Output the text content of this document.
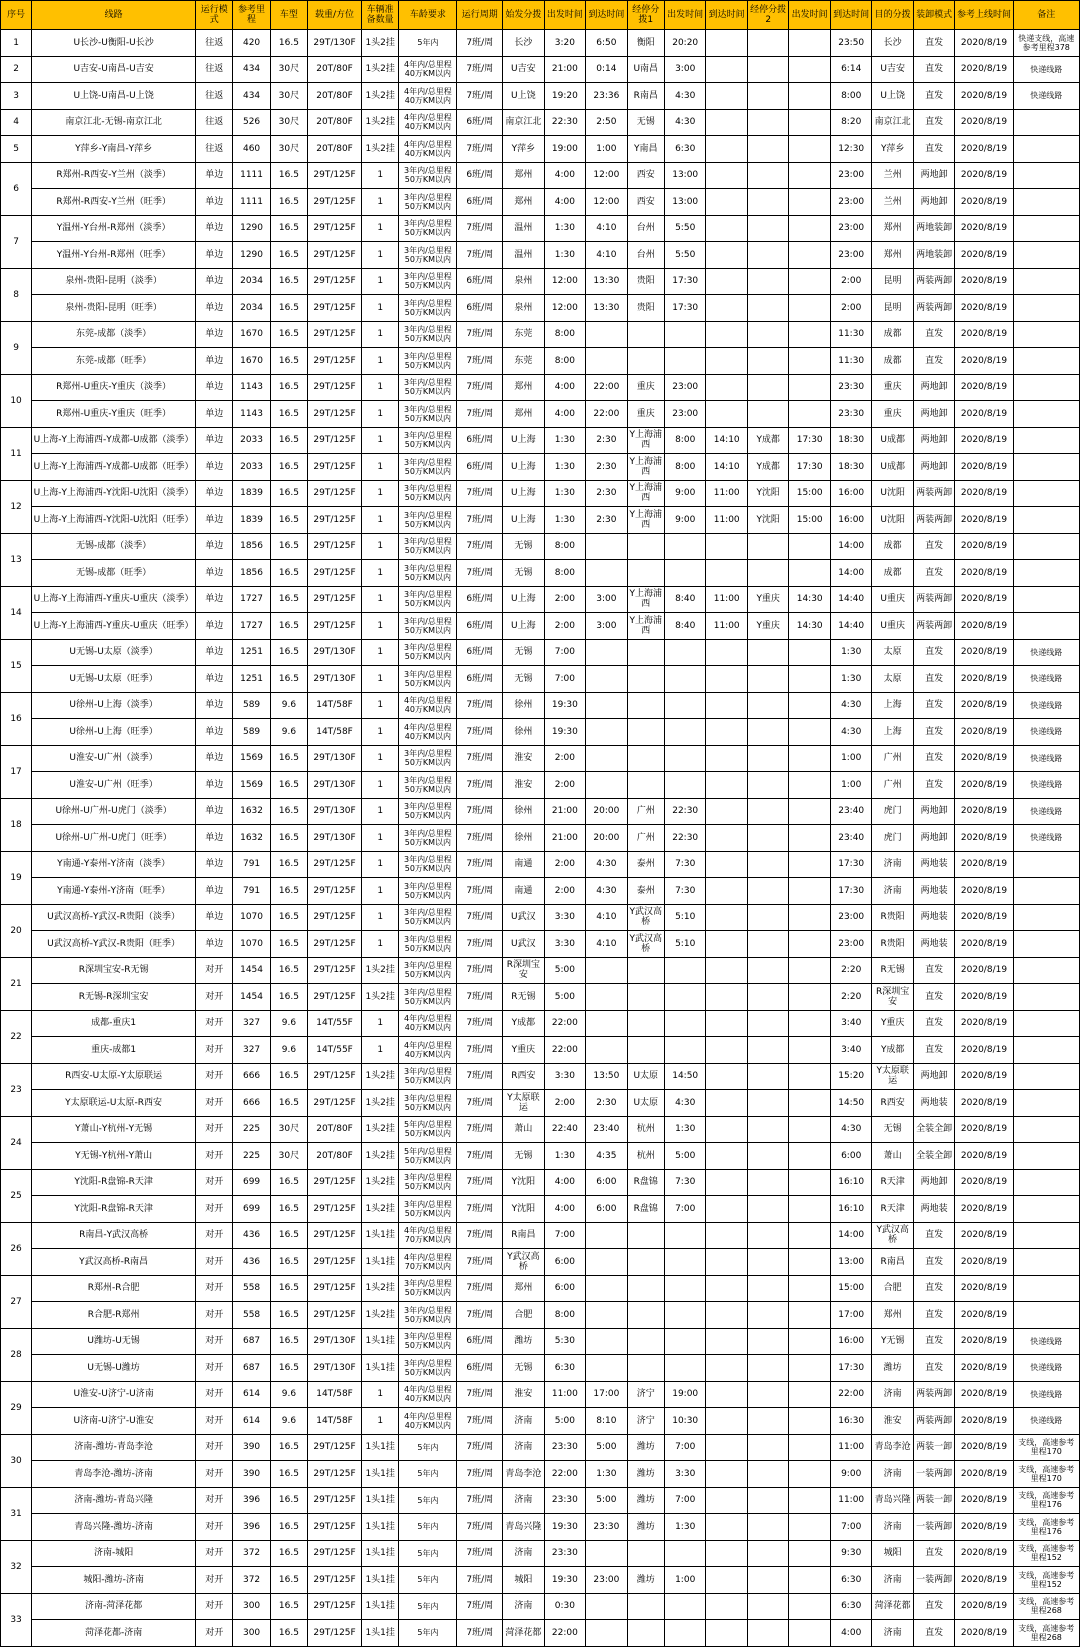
序号	线路	运行模式	参考里程	车型	载重/方位	车辆准备数量	车龄要求	运行周期	始发分拨	出发时间	到达时间	经停分拨1	出发时间	到达时间	经停分拨2	出发时间	到达时间	目的分拨	装卸模式	参考上线时间	备注
1	U长沙-U衡阳-U长沙	往返	420	16.5	29T/130F	1头2挂	5年内	7班/周	长沙	3:20	6:50	衡阳	20:20				23:50	长沙	直发	2020/8/19	快递支线，高速参考里程378
2	U吉安-U南昌-U吉安	往返	434	30尺	20T/80F	1头2挂	4年内/总里程40万KM以内	7班/周	U吉安	21:00	0:14	U南昌	3:00				6:14	U吉安	直发	2020/8/19	快递线路
3	U上饶-U南昌-U上饶	往返	434	30尺	20T/80F	1头2挂	4年内/总里程40万KM以内	7班/周	U上饶	19:20	23:36	R南昌	4:30				8:00	U上饶	直发	2020/8/19	快递线路
4	南京江北-无锡-南京江北	往返	526	30尺	20T/80F	1头2挂	4年内/总里程40万KM以内	6班/周	南京江北	22:30	2:50	无锡	4:30				8:20	南京江北	直发	2020/8/19	
5	Y萍乡-Y南昌-Y萍乡	往返	460	30尺	20T/80F	1头2挂	4年内/总里程40万KM以内	7班/周	Y萍乡	19:00	1:00	Y南昌	6:30				12:30	Y萍乡	直发	2020/8/19	
6	R郑州-R西安-Y兰州（淡季）	单边	1111	16.5	29T/125F	1	3年内/总里程50万KM以内	6班/周	郑州	4:00	12:00	西安	13:00				23:00	兰州	两地卸	2020/8/19	
	R郑州-R西安-Y兰州（旺季）	单边	1111	16.5	29T/125F	1	3年内/总里程50万KM以内	6班/周	郑州	4:00	12:00	西安	13:00				23:00	兰州	两地卸	2020/8/19	
7	Y温州-Y台州-R郑州（淡季）	单边	1290	16.5	29T/125F	1	3年内/总里程50万KM以内	7班/周	温州	1:30	4:10	台州	5:50				23:00	郑州	两地装卸	2020/8/19	
	Y温州-Y台州-R郑州（旺季）	单边	1290	16.5	29T/125F	1	3年内/总里程50万KM以内	7班/周	温州	1:30	4:10	台州	5:50				23:00	郑州	两地装卸	2020/8/19	
8	泉州-贵阳-昆明（淡季）	单边	2034	16.5	29T/125F	1	3年内/总里程50万KM以内	6班/周	泉州	12:00	13:30	贵阳	17:30				2:00	昆明	两装两卸	2020/8/19	
	泉州-贵阳-昆明（旺季）	单边	2034	16.5	29T/125F	1	3年内/总里程50万KM以内	6班/周	泉州	12:00	13:30	贵阳	17:30				2:00	昆明	两装两卸	2020/8/19	
9	东莞-成都（淡季）	单边	1670	16.5	29T/125F	1	3年内/总里程50万KM以内	7班/周	东莞	8:00							11:30	成都	直发	2020/8/19	
	东莞-成都（旺季）	单边	1670	16.5	29T/125F	1	3年内/总里程50万KM以内	7班/周	东莞	8:00							11:30	成都	直发	2020/8/19	
10	R郑州-U重庆-Y重庆（淡季）	单边	1143	16.5	29T/125F	1	3年内/总里程50万KM以内	7班/周	郑州	4:00	22:00	重庆	23:00				23:30	重庆	两地卸	2020/8/19	
	R郑州-U重庆-Y重庆（旺季）	单边	1143	16.5	29T/125F	1	3年内/总里程50万KM以内	7班/周	郑州	4:00	22:00	重庆	23:00				23:30	重庆	两地卸	2020/8/19	
11	U上海-Y上海浦西-Y成都-U成都（淡季）	单边	2033	16.5	29T/125F	1	3年内/总里程50万KM以内	6班/周	U上海	1:30	2:30	Y上海浦西	8:00	14:10	Y成都	17:30	18:30	U成都	两地卸	2020/8/19	
	U上海-Y上海浦西-Y成都-U成都（旺季）	单边	2033	16.5	29T/125F	1	3年内/总里程50万KM以内	6班/周	U上海	1:30	2:30	Y上海浦西	8:00	14:10	Y成都	17:30	18:30	U成都	两地卸	2020/8/19	
12	U上海-Y上海浦西-Y沈阳-U沈阳（淡季）	单边	1839	16.5	29T/125F	1	3年内/总里程50万KM以内	7班/周	U上海	1:30	2:30	Y上海浦西	9:00	11:00	Y沈阳	15:00	16:00	U沈阳	两装两卸	2020/8/19	
	U上海-Y上海浦西-Y沈阳-U沈阳（旺季）	单边	1839	16.5	29T/125F	1	3年内/总里程50万KM以内	7班/周	U上海	1:30	2:30	Y上海浦西	9:00	11:00	Y沈阳	15:00	16:00	U沈阳	两装两卸	2020/8/19	
13	无锡-成都（淡季）	单边	1856	16.5	29T/125F	1	3年内/总里程50万KM以内	7班/周	无锡	8:00							14:00	成都	直发	2020/8/19	
	无锡-成都（旺季）	单边	1856	16.5	29T/125F	1	3年内/总里程50万KM以内	7班/周	无锡	8:00							14:00	成都	直发	2020/8/19	
14	U上海-Y上海浦西-Y重庆-U重庆（淡季）	单边	1727	16.5	29T/125F	1	3年内/总里程50万KM以内	6班/周	U上海	2:00	3:00	Y上海浦西	8:40	11:00	Y重庆	14:30	14:40	U重庆	两装两卸	2020/8/19	
	U上海-Y上海浦西-Y重庆-U重庆（旺季）	单边	1727	16.5	29T/125F	1	3年内/总里程50万KM以内	6班/周	U上海	2:00	3:00	Y上海浦西	8:40	11:00	Y重庆	14:30	14:40	U重庆	两装两卸	2020/8/19	
15	U无锡-U太原（淡季）	单边	1251	16.5	29T/130F	1	3年内/总里程50万KM以内	6班/周	无锡	7:00							1:30	太原	直发	2020/8/19	快递线路
	U无锡-U太原（旺季）	单边	1251	16.5	29T/130F	1	3年内/总里程50万KM以内	6班/周	无锡	7:00							1:30	太原	直发	2020/8/19	快递线路
16	U徐州-U上海（淡季）	单边	589	9.6	14T/58F	1	4年内/总里程40万KM以内	7班/周	徐州	19:30							4:30	上海	直发	2020/8/19	快递线路
	U徐州-U上海（旺季）	单边	589	9.6	14T/58F	1	4年内/总里程40万KM以内	7班/周	徐州	19:30							4:30	上海	直发	2020/8/19	快递线路
17	U淮安-U广州（淡季）	单边	1569	16.5	29T/130F	1	3年内/总里程50万KM以内	7班/周	淮安	2:00							1:00	广州	直发	2020/8/19	快递线路
	U淮安-U广州（旺季）	单边	1569	16.5	29T/130F	1	3年内/总里程50万KM以内	7班/周	淮安	2:00							1:00	广州	直发	2020/8/19	快递线路
18	U徐州-U广州-U虎门（淡季）	单边	1632	16.5	29T/130F	1	3年内/总里程50万KM以内	7班/周	徐州	21:00	20:00	广州	22:30				23:40	虎门	两地卸	2020/8/19	快递线路
	U徐州-U广州-U虎门（旺季）	单边	1632	16.5	29T/130F	1	3年内/总里程50万KM以内	7班/周	徐州	21:00	20:00	广州	22:30				23:40	虎门	两地卸	2020/8/19	快递线路
19	Y南通-Y泰州-Y济南（淡季）	单边	791	16.5	29T/125F	1	3年内/总里程50万KM以内	7班/周	南通	2:00	4:30	泰州	7:30				17:30	济南	两地装	2020/8/19	
	Y南通-Y泰州-Y济南（旺季）	单边	791	16.5	29T/125F	1	3年内/总里程50万KM以内	7班/周	南通	2:00	4:30	泰州	7:30				17:30	济南	两地装	2020/8/19	
20	U武汉高桥-Y武汉-R贵阳（淡季）	单边	1070	16.5	29T/125F	1	3年内/总里程50万KM以内	7班/周	U武汉	3:30	4:10	Y武汉高桥	5:10				23:00	R贵阳	两地装	2020/8/19	
	U武汉高桥-Y武汉-R贵阳（旺季）	单边	1070	16.5	29T/125F	1	3年内/总里程50万KM以内	7班/周	U武汉	3:30	4:10	Y武汉高桥	5:10				23:00	R贵阳	两地装	2020/8/19	
21	R深圳宝安-R无锡	对开	1454	16.5	29T/125F	1头2挂	3年内/总里程50万KM以内	7班/周	R深圳宝安	5:00							2:20	R无锡	直发	2020/8/19	
	R无锡-R深圳宝安	对开	1454	16.5	29T/125F	1头2挂	3年内/总里程50万KM以内	7班/周	R无锡	5:00							2:20	R深圳宝安	直发	2020/8/19	
22	成都-重庆1	对开	327	9.6	14T/55F	1	4年内/总里程40万KM以内	7班/周	Y成都	22:00							3:40	Y重庆	直发	2020/8/19	
	重庆-成都1	对开	327	9.6	14T/55F	1	4年内/总里程40万KM以内	7班/周	Y重庆	22:00							3:40	Y成都	直发	2020/8/19	
23	R西安-U太原-Y太原联运	对开	666	16.5	29T/125F	1头2挂	3年内/总里程50万KM以内	7班/周	R西安	3:30	13:50	U太原	14:50				15:20	Y太原联运	两地卸	2020/8/19	
	Y太原联运-U太原-R西安	对开	666	16.5	29T/125F	1头2挂	3年内/总里程50万KM以内	7班/周	Y太原联运	2:00	2:30	U太原	4:30				14:50	R西安	两地装	2020/8/19	
24	Y萧山-Y杭州-Y无锡	对开	225	30尺	20T/80F	1头2挂	5年内/总里程50万KM以内	7班/周	萧山	22:40	23:40	杭州	1:30				4:30	无锡	全装全卸	2020/8/19	
	Y无锡-Y杭州-Y萧山	对开	225	30尺	20T/80F	1头2挂	5年内/总里程50万KM以内	7班/周	无锡	1:30	4:35	杭州	5:00				6:00	萧山	全装全卸	2020/8/19	
25	Y沈阳-R盘锦-R天津	对开	699	16.5	29T/125F	1头2挂	3年内/总里程50万KM以内	7班/周	Y沈阳	4:00	6:00	R盘锦	7:30				16:10	R天津	两地卸	2020/8/19	
	Y沈阳-R盘锦-R天津	对开	699	16.5	29T/125F	1头2挂	3年内/总里程50万KM以内	7班/周	Y沈阳	4:00	6:00	R盘锦	7:00				16:10	R天津	两地装	2020/8/19	
26	R南昌-Y武汉高桥	对开	436	16.5	29T/125F	1头1挂	4年内/总里程70万KM以内	7班/周	R南昌	7:00							14:00	Y武汉高桥	直发	2020/8/19	
	Y武汉高桥-R南昌	对开	436	16.5	29T/125F	1头1挂	4年内/总里程70万KM以内	7班/周	Y武汉高桥	6:00							13:00	R南昌	直发	2020/8/19	
27	R郑州-R合肥	对开	558	16.5	29T/125F	1头2挂	3年内/总里程50万KM以内	7班/周	郑州	6:00							15:00	合肥	直发	2020/8/19	
	R合肥-R郑州	对开	558	16.5	29T/125F	1头2挂	3年内/总里程50万KM以内	7班/周	合肥	8:00							17:00	郑州	直发	2020/8/19	
28	U潍坊-U无锡	对开	687	16.5	29T/130F	1头1挂	3年内/总里程50万KM以内	6班/周	潍坊	5:30							16:00	Y无锡	直发	2020/8/19	快递线路
	U无锡-U潍坊	对开	687	16.5	29T/130F	1头1挂	3年内/总里程50万KM以内	6班/周	无锡	6:30							17:30	潍坊	直发	2020/8/19	快递线路
29	U淮安-U济宁-U济南	对开	614	9.6	14T/58F	1	4年内/总里程40万KM以内	7班/周	淮安	11:00	17:00	济宁	19:00				22:00	济南	两装两卸	2020/8/19	快递线路
	U济南-U济宁-U淮安	对开	614	9.6	14T/58F	1	4年内/总里程40万KM以内	7班/周	济南	5:00	8:10	济宁	10:30				16:30	淮安	两装两卸	2020/8/19	快递线路
30	济南-潍坊-青岛李沧	对开	390	16.5	29T/125F	1头1挂	5年内	7班/周	济南	23:30	5:00	潍坊	7:00				11:00	青岛李沧	两装一卸	2020/8/19	支线，高速参考里程170
	青岛李沧-潍坊-济南	对开	390	16.5	29T/125F	1头1挂	5年内	7班/周	青岛李沧	22:00	1:30	潍坊	3:30				9:00	济南	一装两卸	2020/8/19	支线，高速参考里程170
31	济南-潍坊-青岛兴隆	对开	396	16.5	29T/125F	1头1挂	5年内	7班/周	济南	23:30	5:00	潍坊	7:00				11:00	青岛兴隆	两装一卸	2020/8/19	支线，高速参考里程176
	青岛兴隆-潍坊-济南	对开	396	16.5	29T/125F	1头1挂	5年内	7班/周	青岛兴隆	19:30	23:30	潍坊	1:30				7:00	济南	一装两卸	2020/8/19	支线，高速参考里程176
32	济南-城阳	对开	372	16.5	29T/125F	1头1挂	5年内	7班/周	济南	23:30							9:30	城阳	直发	2020/8/19	支线，高速参考里程152
	城阳-潍坊-济南	对开	372	16.5	29T/125F	1头1挂	5年内	7班/周	城阳	19:30	23:00	潍坊	1:00				6:30	济南	一装两卸	2020/8/19	支线，高速参考里程152
33	济南-菏泽花都	对开	300	16.5	29T/125F	1头1挂	5年内	7班/周	济南	0:30							6:30	菏泽花都	直发	2020/8/19	支线，高速参考里程268
	菏泽花都-济南	对开	300	16.5	29T/125F	1头1挂	5年内	7班/周	菏泽花都	22:00							4:00	济南	直发	2020/8/19	支线，高速参考里程268
